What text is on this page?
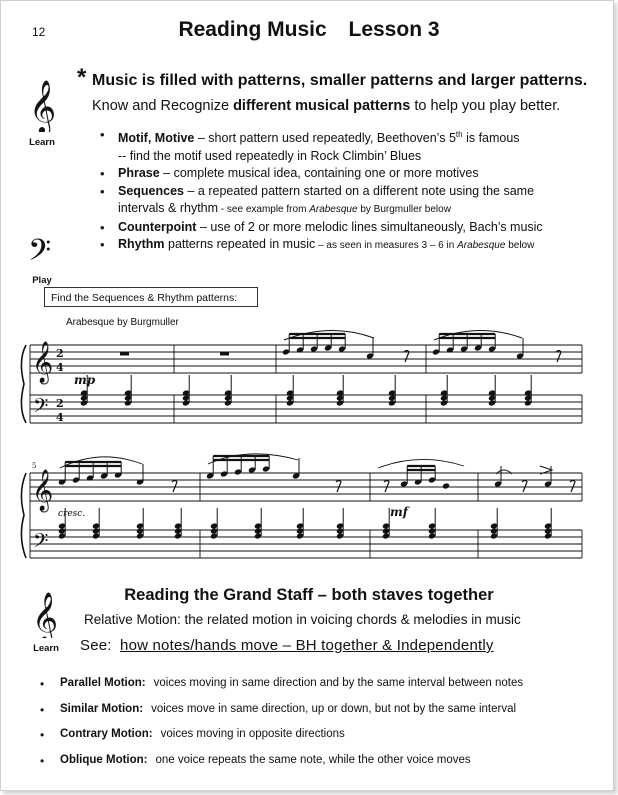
12	Reading Music Lesson 3
𝄞
Learn
* Music is filled with patterns, smaller patterns and larger patterns.
Know and Recognize different musical patterns to help you play better.
• Motif, Motive – short pattern used repeatedly, Beethoven’s 5th is famous
-- find the motif used repeatedly in Rock Climbin’ Blues
• Phrase – complete musical idea, containing one or more motives
• Sequences – a repeated pattern started on a different note using the same
intervals & rhythm - see example from Arabesque by Burgmuller below
• Counterpoint – use of 2 or more melodic lines simultaneously, Bach’s music
• Rhythm patterns repeated in music – as seen in measures 3 – 6 in Arabesque below
𝄢
Play
Find the Sequences & Rhythm patterns:
Arabesque by Burgmuller
𝄞
𝄢
𝄞
𝄢
2
4
2
4
mp
cresc.	mf
5
𝄞
Learn
Reading the Grand Staff – both staves together
Relative Motion: the related motion in voicing chords & melodies in music
See: how notes/hands move – BH together & Independently
• Parallel Motion: voices moving in same direction and by the same interval between notes
• Similar Motion: voices move in same direction, up or down, but not by the same interval
• Contrary Motion: voices moving in opposite directions
• Oblique Motion: one voice repeats the same note, while the other voice moves
